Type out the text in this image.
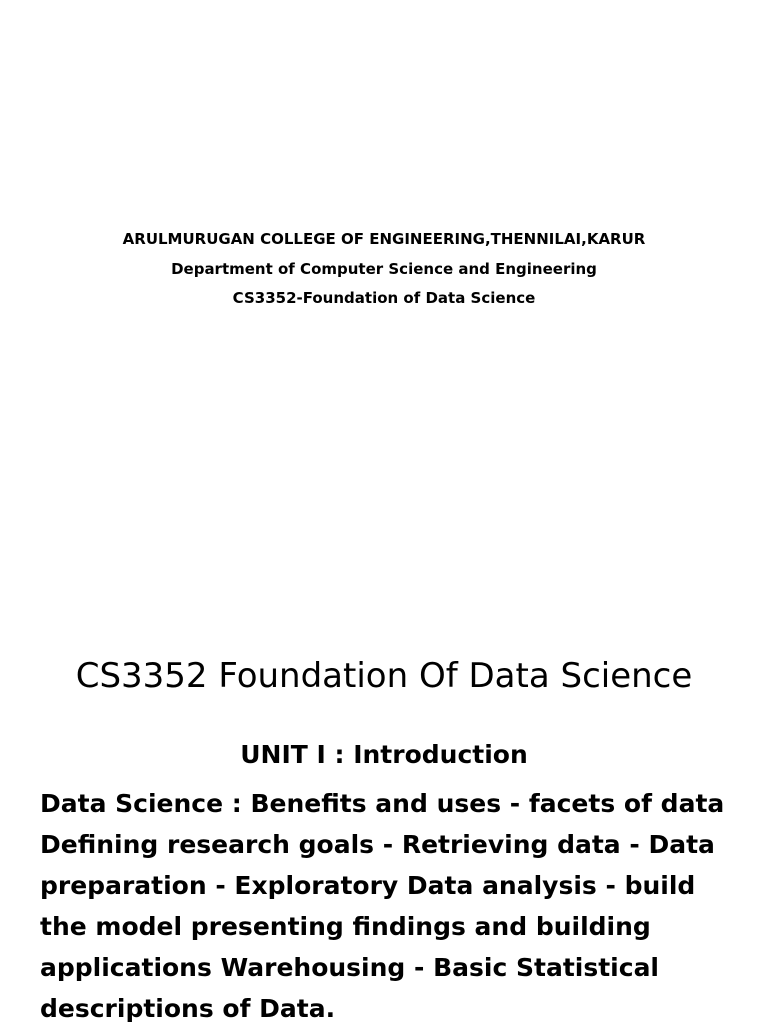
ARULMURUGAN COLLEGE OF ENGINEERING,THENNILAI,KARUR
Department of Computer Science and Engineering
CS3352-Foundation of Data Science
CS3352 Foundation Of Data Science
UNIT I : Introduction
Data Science : Benefits and uses - facets of data
Defining research goals - Retrieving data - Data
preparation - Exploratory Data analysis - build
the model presenting findings and building
applications Warehousing - Basic Statistical
descriptions of Data.
